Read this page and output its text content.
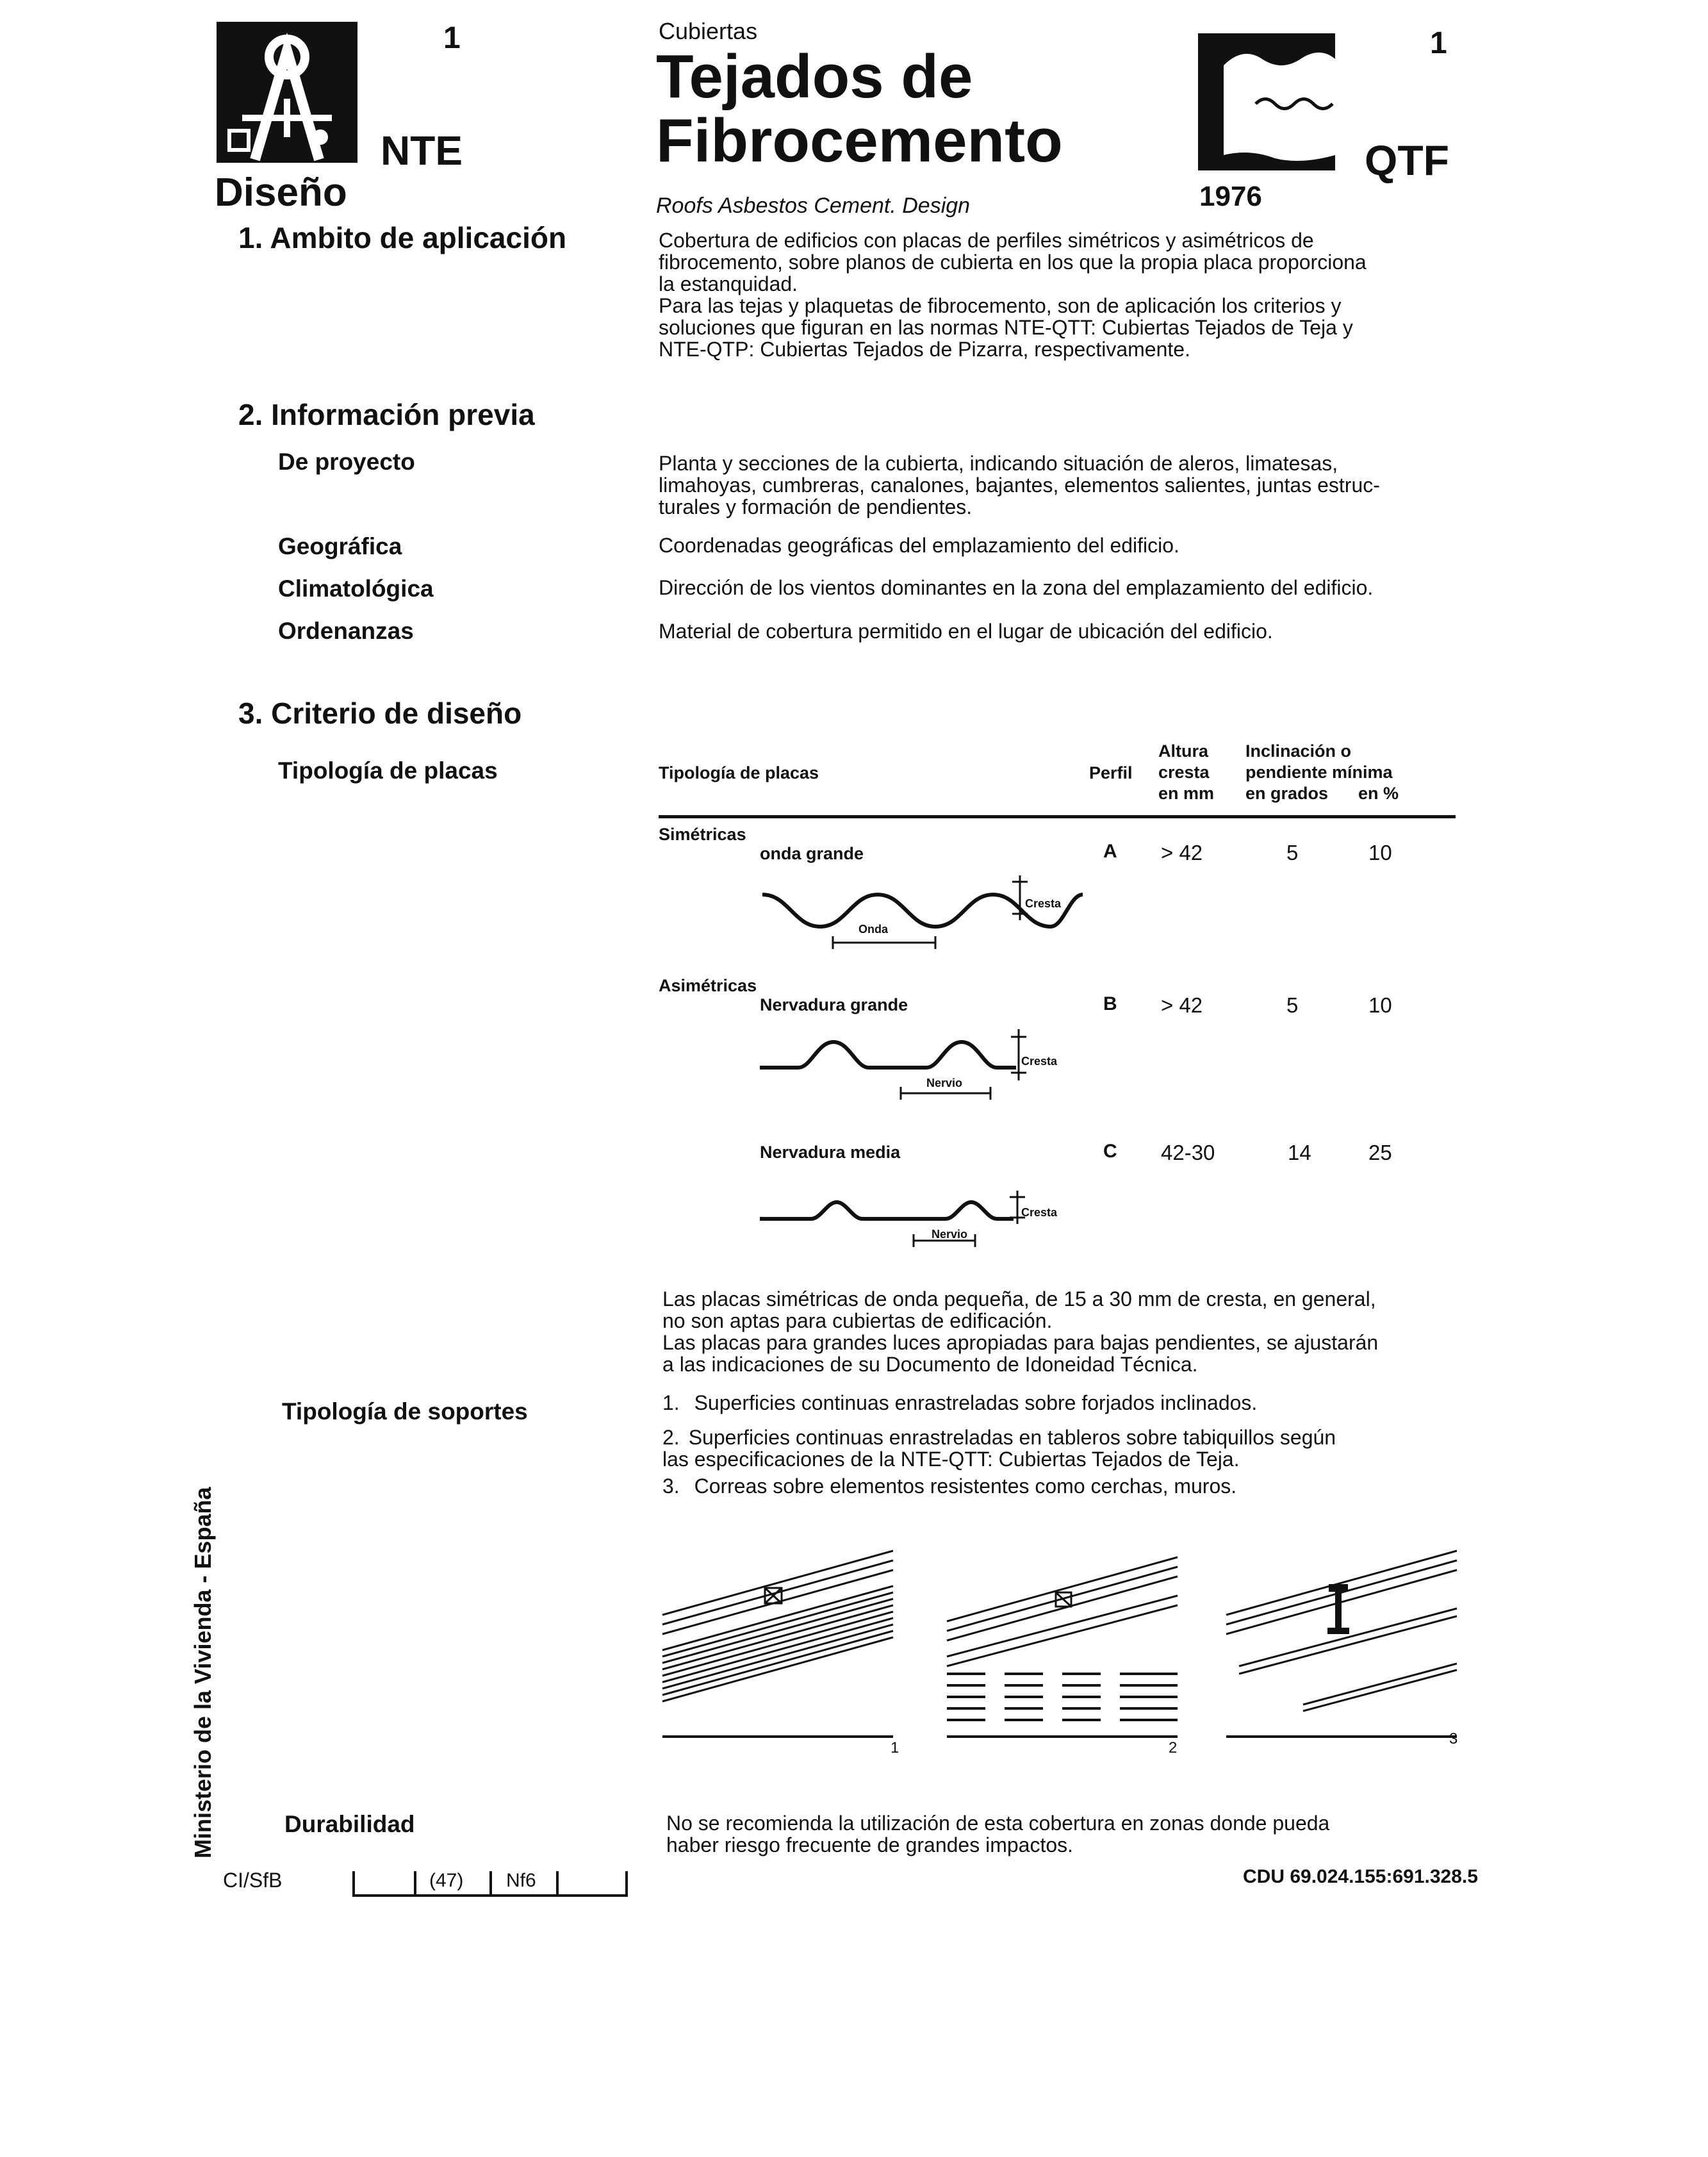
1
NTE
Diseño
Cubiertas
Tejados de
Fibrocemento
Roofs Asbestos Cement. Design	1976
1
QTF
1. Ambito de aplicación	Cobertura de edificios con placas de perfiles simétricos y asimétricos de
fibrocemento, sobre planos de cubierta en los que la propia placa proporciona
la estanquidad.
Para las tejas y plaquetas de fibrocemento, son de aplicación los criterios y
soluciones que figuran en las normas NTE-QTT: Cubiertas Tejados de Teja y
NTE-QTP: Cubiertas Tejados de Pizarra, respectivamente.
2. Información previa
De proyecto	Planta y secciones de la cubierta, indicando situación de aleros, limatesas,
limahoyas, cumbreras, canalones, bajantes, elementos salientes, juntas estruc-
turales y formación de pendientes.
Geográfica	Coordenadas geográficas del emplazamiento del edificio.
Climatológica	Dirección de los vientos dominantes en la zona del emplazamiento del edificio.
Ordenanzas	Material de cobertura permitido en el lugar de ubicación del edificio.
3. Criterio de diseño
Tipología de placas	Tipología de placas	Perfil
Altura
cresta
en mm
Inclinación o
pendiente mínima
en grados en %
Simétricas
onda grande	A > 42	5	10
Onda
Cresta
Asimétricas
Nervadura grande	B > 42	5	10
Nervio
Cresta
Nervadura media	C 42-30	14	25
Nervio
Cresta
Las placas simétricas de onda pequeña, de 15 a 30 mm de cresta, en general,
no son aptas para cubiertas de edificación.
Las placas para grandes luces apropiadas para bajas pendientes, se ajustarán
a las indicaciones de su Documento de Idoneidad Técnica.
Tipología de soportes	1. Superficies continuas enrastreladas sobre forjados inclinados.
2. Superficies continuas enrastreladas en tableros sobre tabiquillos según
las especificaciones de la NTE-QTT: Cubiertas Tejados de Teja.
3. Correas sobre elementos resistentes como cerchas, muros.
1	2
3
Durabilidad	No se recomienda la utilización de esta cobertura en zonas donde pueda
haber riesgo frecuente de grandes impactos.
Ministerio de la Vivienda - España
CI/SfB	(47) Nf6	CDU 69.024.155:691.328.5
